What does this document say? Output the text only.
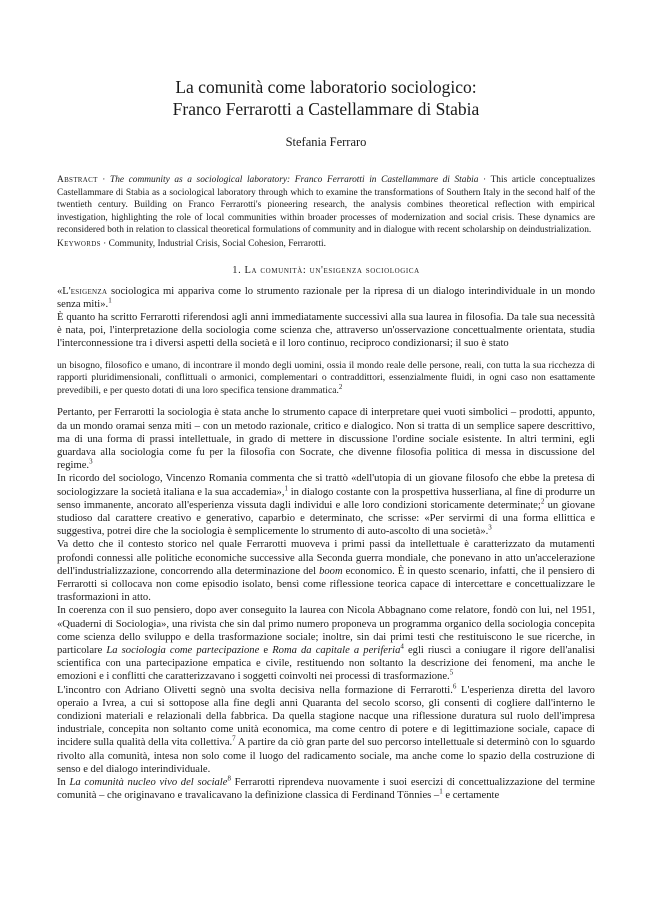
La comunità come laboratorio sociologico:
Franco Ferrarotti a Castellammare di Stabia
Stefania Ferraro
Abstract · The community as a sociological laboratory: Franco Ferrarotti in Castellammare di Stabia · This article conceptualizes Castellammare di Stabia as a sociological laboratory through which to examine the transformations of Southern Italy in the second half of the twentieth century. Building on Franco Ferrarotti's pioneering research, the analysis combines theoretical reflection with empirical investigation, highlighting the role of local communities within broader processes of modernization and social crisis. These dynamics are reconsidered both in relation to classical theoretical formulations of community and in dialogue with recent scholarship on deindustrialization.
Keywords · Community, Industrial Crisis, Social Cohesion, Ferrarotti.
1. La comunità: un'esigenza sociologica

«L'esigenza sociologica mi appariva come lo strumento razionale per la ripresa di un dialogo interindividuale in un mondo senza miti».$^1$

È quanto ha scritto Ferrarotti riferendosi agli anni immediatamente successivi alla sua laurea in filosofia. Da tale sua necessità è nata, poi, l'interpretazione della sociologia come scienza che, attraverso un'osservazione concettualmente orientata, studia l'interconnessione tra i diversi aspetti della società e il loro continuo, reciproco condizionarsi; il suo è stato

un bisogno, filosofico e umano, di incontrare il mondo degli uomini, ossia il mondo reale delle persone, reali, con tutta la sua ricchezza di rapporti pluridimensionali, conflittuali o armonici, complementari o contraddittori, essenzialmente fluidi, in ogni caso non esattamente prevedibili, e per questo dotati di una loro specifica tensione drammatica.$^2$

Pertanto, per Ferrarotti la sociologia è stata anche lo strumento capace di interpretare quei vuoti simbolici – prodotti, appunto, da un mondo oramai senza miti – con un metodo razionale, critico e dialogico. Non si tratta di un semplice sapere descrittivo, ma di una forma di prassi intellettuale, in grado di mettere in discussione l'ordine sociale esistente. In altri termini, egli guardava alla sociologia come fu per la filosofia con Socrate, che divenne filosofia politica di messa in discussione del regime.$^3$

In ricordo del sociologo, Vincenzo Romania commenta che si trattò «dell'utopia di un giovane filosofo che ebbe la pretesa di sociologizzare la società italiana e la sua accademia»,$^1$ in dialogo costante con la prospettiva husserliana, al fine di produrre un senso immanente, ancorato all'esperienza vissuta dagli individui e alle loro condizioni storicamente determinate;$^2$ un giovane studioso dal carattere creativo e generativo, caparbio e determinato, che scrisse: «Per servirmi di una forma ellittica e suggestiva, potrei dire che la sociologia è semplicemente lo strumento di auto-ascolto di una società».$^3$

Va detto che il contesto storico nel quale Ferrarotti muoveva i primi passi da intellettuale è caratterizzato da mutamenti profondi connessi alle politiche economiche successive alla Seconda guerra mondiale, che ponevano in atto un'accelerazione dell'industrializzazione, concorrendo alla determinazione del boom economico. È in questo scenario, infatti, che il pensiero di Ferrarotti si collocava non come episodio isolato, bensì come riflessione teorica capace di intercettare e concettualizzare le trasformazioni in atto.

In coerenza con il suo pensiero, dopo aver conseguito la laurea con Nicola Abbagnano come relatore, fondò con lui, nel 1951, «Quaderni di Sociologia», una rivista che sin dal primo numero proponeva un programma organico della sociologia concepita come scienza dello sviluppo e della trasformazione sociale; inoltre, sin dai primi testi che restituiscono le sue ricerche, in particolare La sociologia come partecipazione e Roma da capitale a periferia$^4$ egli riuscì a coniugare il rigore dell'analisi scientifica con una partecipazione empatica e civile, restituendo non soltanto la descrizione dei fenomeni, ma anche le emozioni e i conflitti che caratterizzavano i soggetti coinvolti nei processi di trasformazione.$^5$

L'incontro con Adriano Olivetti segnò una svolta decisiva nella formazione di Ferrarotti.$^6$ L'esperienza diretta del lavoro operaio a Ivrea, a cui si sottopose alla fine degli anni Quaranta del secolo scorso, gli consentì di cogliere dall'interno le condizioni materiali e relazionali della fabbrica. Da quella stagione nacque una riflessione duratura sul ruolo dell'impresa industriale, concepita non soltanto come unità economica, ma come centro di potere e di legittimazione sociale, capace di incidere sulla qualità della vita collettiva.$^7$ A partire da ciò gran parte del suo percorso intellettuale si determinò con lo sguardo rivolto alla comunità, intesa non solo come il luogo del radicamento sociale, ma anche come lo spazio della costruzione di senso e del dialogo interindividuale.

In La comunità nucleo vivo del sociale$^8$ Ferrarotti riprendeva nuovamente i suoi esercizi di concettualizzazione del termine comunità – che originavano e travalicavano la definizione classica di Ferdinand Tönnies –$^1$ e certamente
